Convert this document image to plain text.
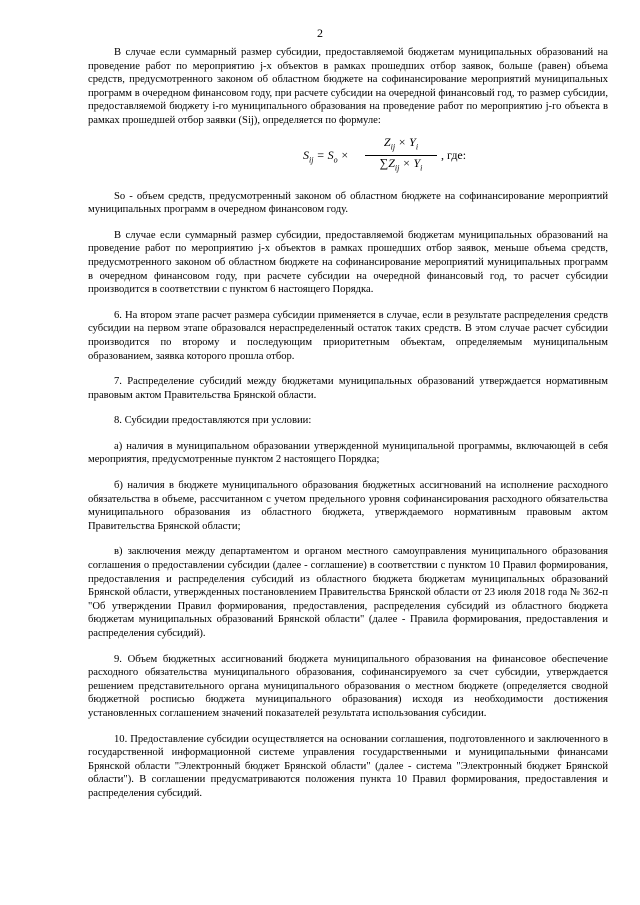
2

В случае если суммарный размер субсидии, предоставляемой бюджетам муниципальных образований на проведение работ по мероприятию j-х объектов в рамках прошедших отбор заявок, больше (равен) объема средств, предусмотренного законом об областном бюджете на софинансирование мероприятий муниципальных программ в очередном финансовом году, при расчете субсидии на очередной финансовый год, то размер субсидии, предоставляемой бюджету i-го муниципального образования на проведение работ по мероприятию j-го объекта в рамках прошедшей отбор заявки (Sij), определяется по формуле:

$S_{ij} = S_o$ ×
$Z_{ij} \times Y_i$
$\sum Z_{ij} \times Y_i$
, где:

So - объем средств, предусмотренный законом об областном бюджете на софинансирование мероприятий муниципальных программ в очередном финансовом году.

В случае если суммарный размер субсидии, предоставляемой бюджетам муниципальных образований на проведение работ по мероприятию j-х объектов в рамках прошедших отбор заявок, меньше объема средств, предусмотренного законом об областном бюджете на софинансирование мероприятий муниципальных программ в очередном финансовом году, при расчете субсидии на очередной финансовый год, то расчет субсидии производится в соответствии с пунктом 6 настоящего Порядка.

6. На втором этапе расчет размера субсидии применяется в случае, если в результате распределения средств субсидии на первом этапе образовался нераспределенный остаток таких средств. В этом случае расчет субсидии производится по второму и последующим приоритетным объектам, определяемым муниципальным образованием, заявка которого прошла отбор.

7. Распределение субсидий между бюджетами муниципальных образований утверждается нормативным правовым актом Правительства Брянской области.

8. Субсидии предоставляются при условии:

а) наличия в муниципальном образовании утвержденной муниципальной программы, включающей в себя мероприятия, предусмотренные пунктом 2 настоящего Порядка;

б) наличия в бюджете муниципального образования бюджетных ассигнований на исполнение расходного обязательства в объеме, рассчитанном с учетом предельного уровня софинансирования расходного обязательства муниципального образования из областного бюджета, утверждаемого нормативным правовым актом Правительства Брянской области;

в) заключения между департаментом и органом местного самоуправления муниципального образования соглашения о предоставлении субсидии (далее - соглашение) в соответствии с пунктом 10 Правил формирования, предоставления и распределения субсидий из областного бюджета бюджетам муниципальных образований Брянской области, утвержденных постановлением Правительства Брянской области от 23 июля 2018 года № 362-п "Об утверждении Правил формирования, предоставления, распределения субсидий из областного бюджета бюджетам муниципальных образований Брянской области" (далее - Правила формирования, предоставления и распределения субсидий).

9. Объем бюджетных ассигнований бюджета муниципального образования на финансовое обеспечение расходного обязательства муниципального образования, софинансируемого за счет субсидии, утверждается решением представительного органа муниципального образования о местном бюджете (определяется сводной бюджетной росписью бюджета муниципального образования) исходя из необходимости достижения установленных соглашением значений показателей результата использования субсидии.

10. Предоставление субсидии осуществляется на основании соглашения, подготовленного и заключенного в государственной информационной системе управления государственными и муниципальными финансами Брянской области "Электронный бюджет Брянской области" (далее - система "Электронный бюджет Брянской области"). В соглашении предусматриваются положения пункта 10 Правил формирования, предоставления и распределения субсидий.
